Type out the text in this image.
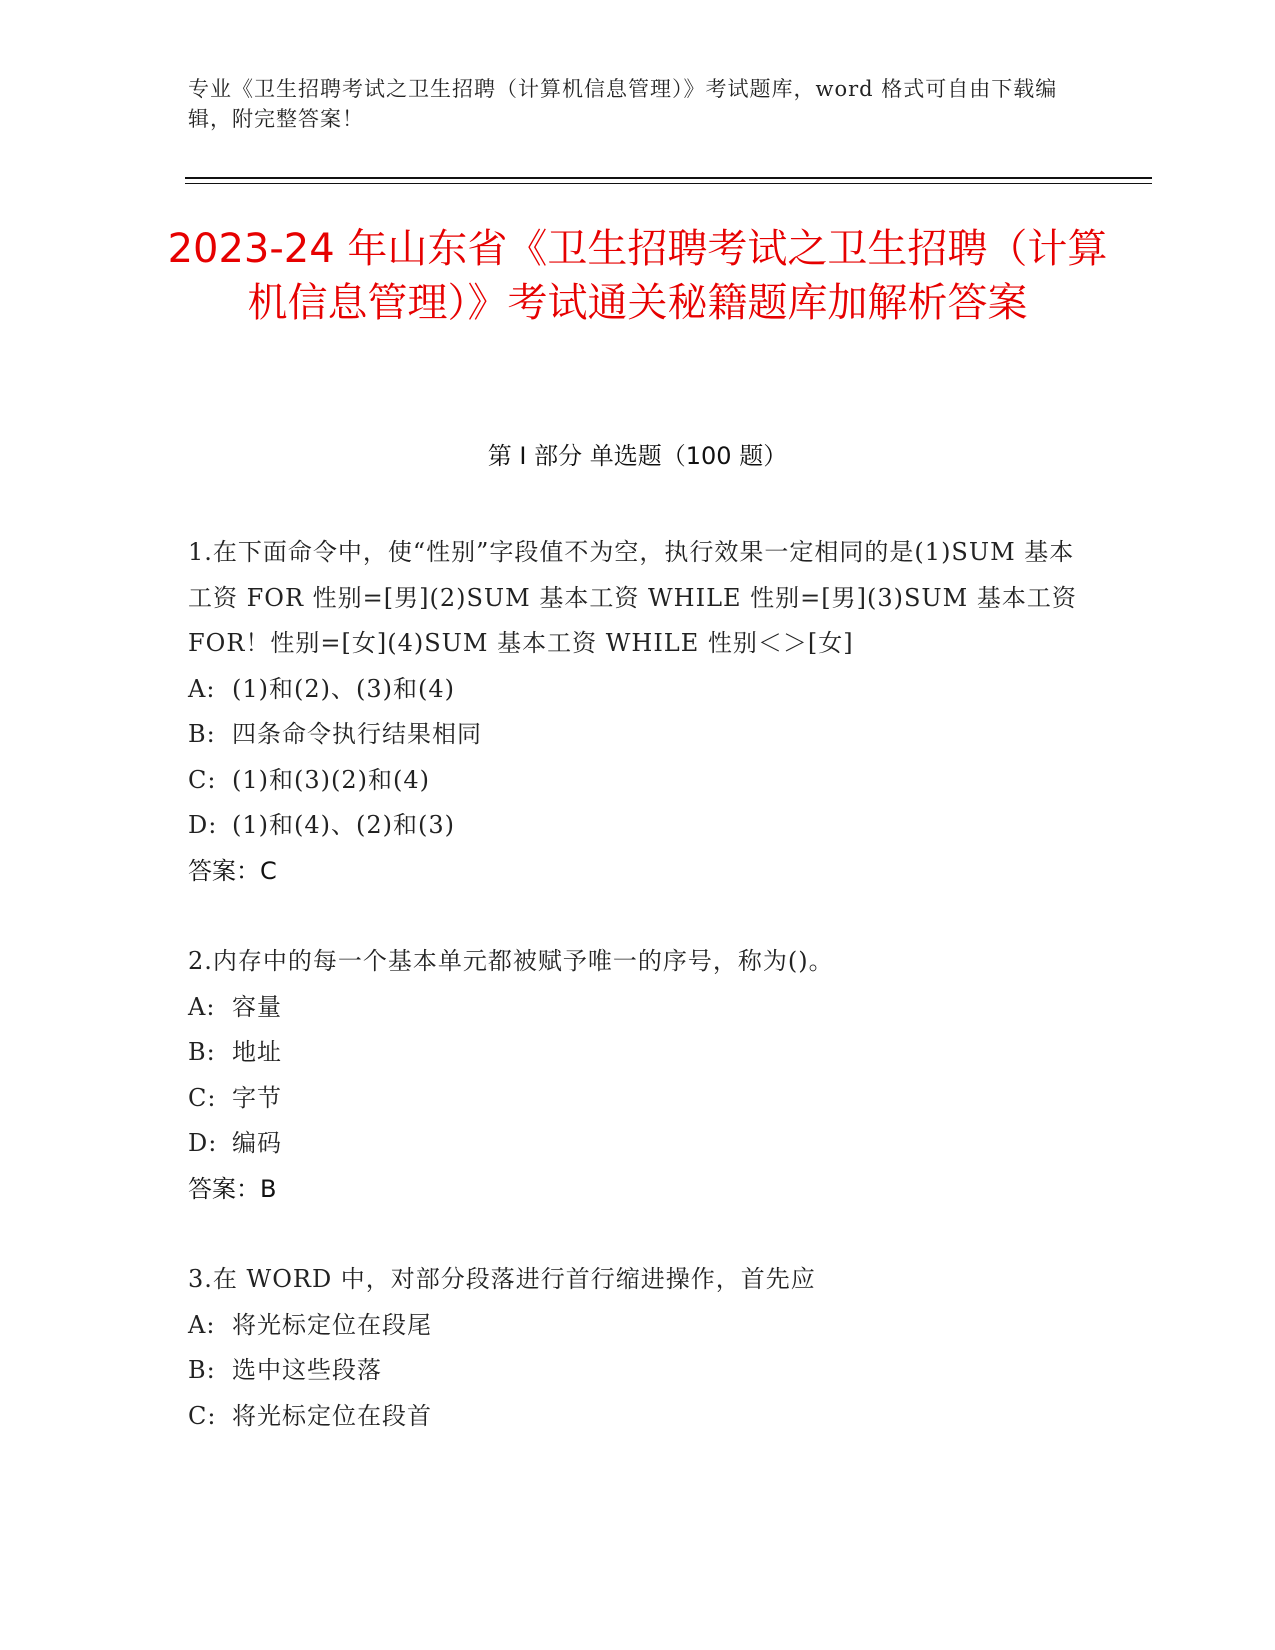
专业《卫生招聘考试之卫生招聘（计算机信息管理）》考试题库，word 格式可自由下载编辑，附完整答案！
2023-24 年山东省《卫生招聘考试之卫生招聘（计算机信息管理）》考试通关秘籍题库加解析答案
第 I 部分 单选题（100 题）
1.在下面命令中，使“性别”字段值不为空，执行效果一定相同的是(1)SUM 基本工资 FOR 性别=[男](2)SUM 基本工资 WHILE 性别=[男](3)SUM 基本工资 FOR！性别=[女](4)SUM 基本工资 WHILE 性别＜＞[女]
A: (1)和(2)、(3)和(4)
B: 四条命令执行结果相同
C: (1)和(3)(2)和(4)
D: (1)和(4)、(2)和(3)
答案：C
2.内存中的每一个基本单元都被赋予唯一的序号，称为()。
A: 容量
B: 地址
C: 字节
D: 编码
答案：B
3.在 WORD 中，对部分段落进行首行缩进操作，首先应
A: 将光标定位在段尾
B: 选中这些段落
C: 将光标定位在段首
